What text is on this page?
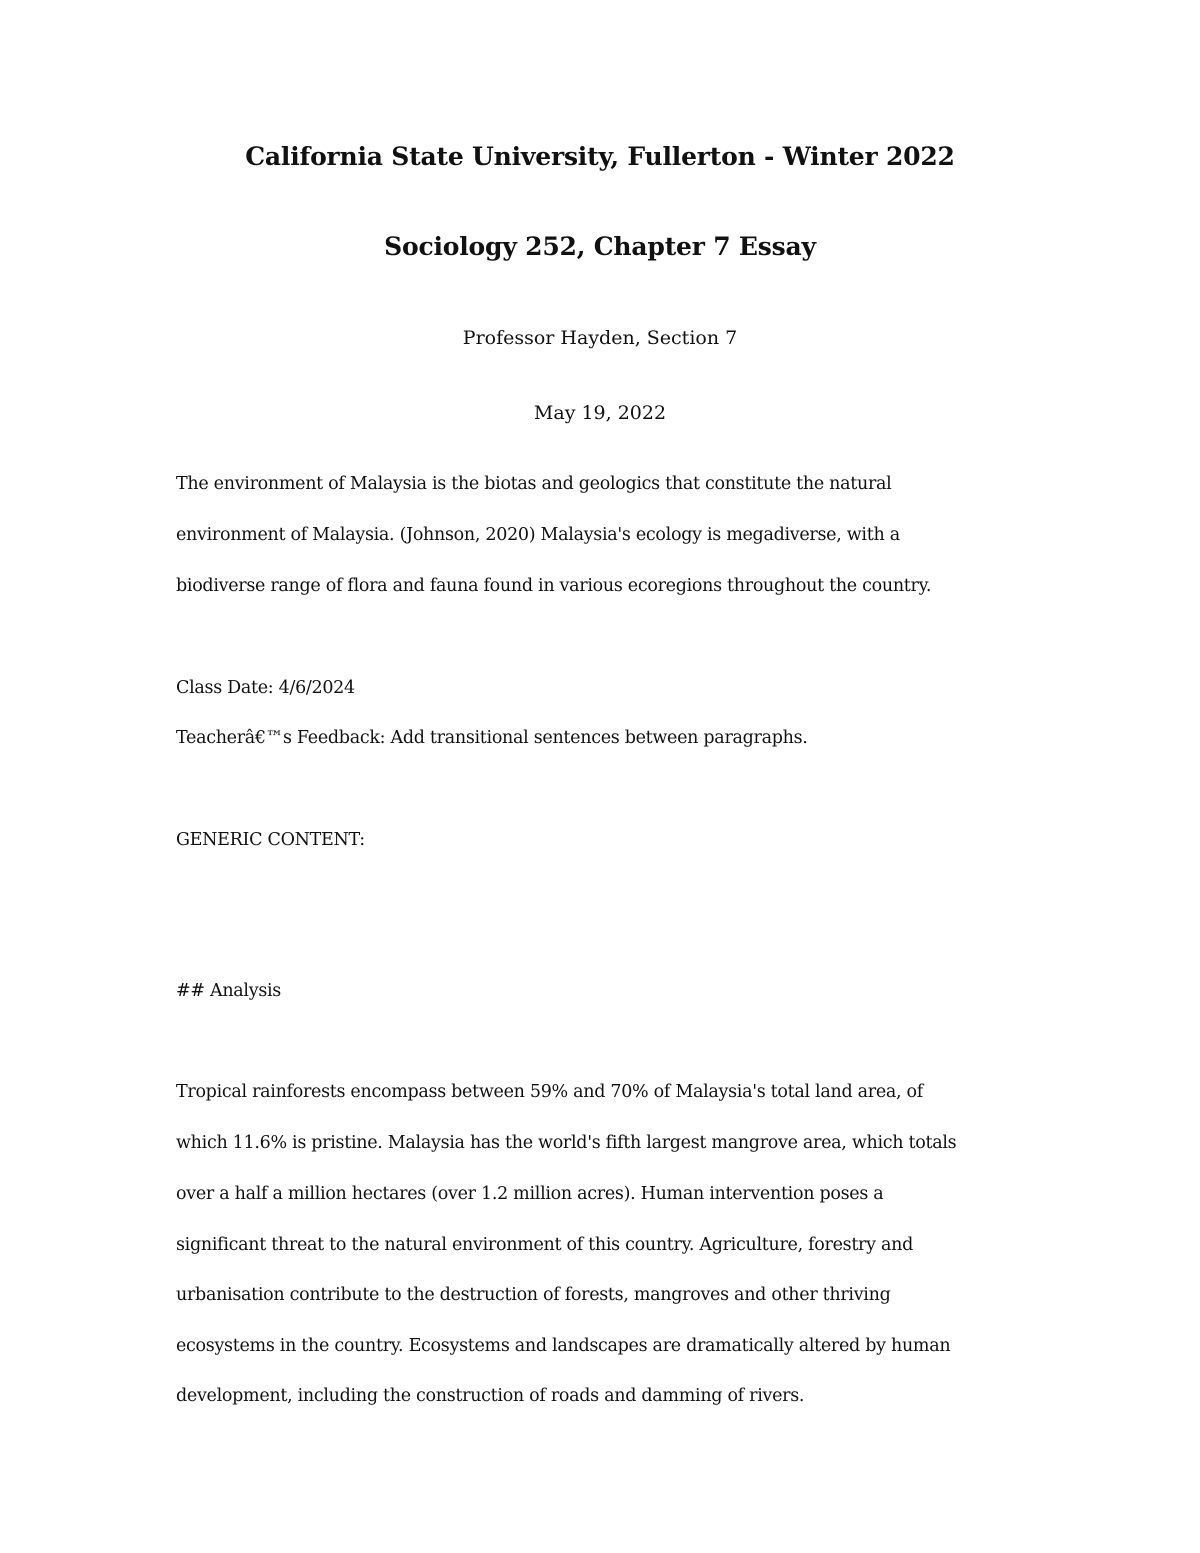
California State University, Fullerton - Winter 2022
Sociology 252, Chapter 7 Essay
Professor Hayden, Section 7
May 19, 2022
The environment of Malaysia is the biotas and geologics that constitute the natural
environment of Malaysia. (Johnson, 2020) Malaysia's ecology is megadiverse, with a
biodiverse range of flora and fauna found in various ecoregions throughout the country.
Class Date: 4/6/2024
Teacherâ€™s Feedback: Add transitional sentences between paragraphs.
GENERIC CONTENT:
## Analysis
Tropical rainforests encompass between 59% and 70% of Malaysia's total land area, of
which 11.6% is pristine. Malaysia has the world's fifth largest mangrove area, which totals
over a half a million hectares (over 1.2 million acres). Human intervention poses a
significant threat to the natural environment of this country. Agriculture, forestry and
urbanisation contribute to the destruction of forests, mangroves and other thriving
ecosystems in the country. Ecosystems and landscapes are dramatically altered by human
development, including the construction of roads and damming of rivers.
